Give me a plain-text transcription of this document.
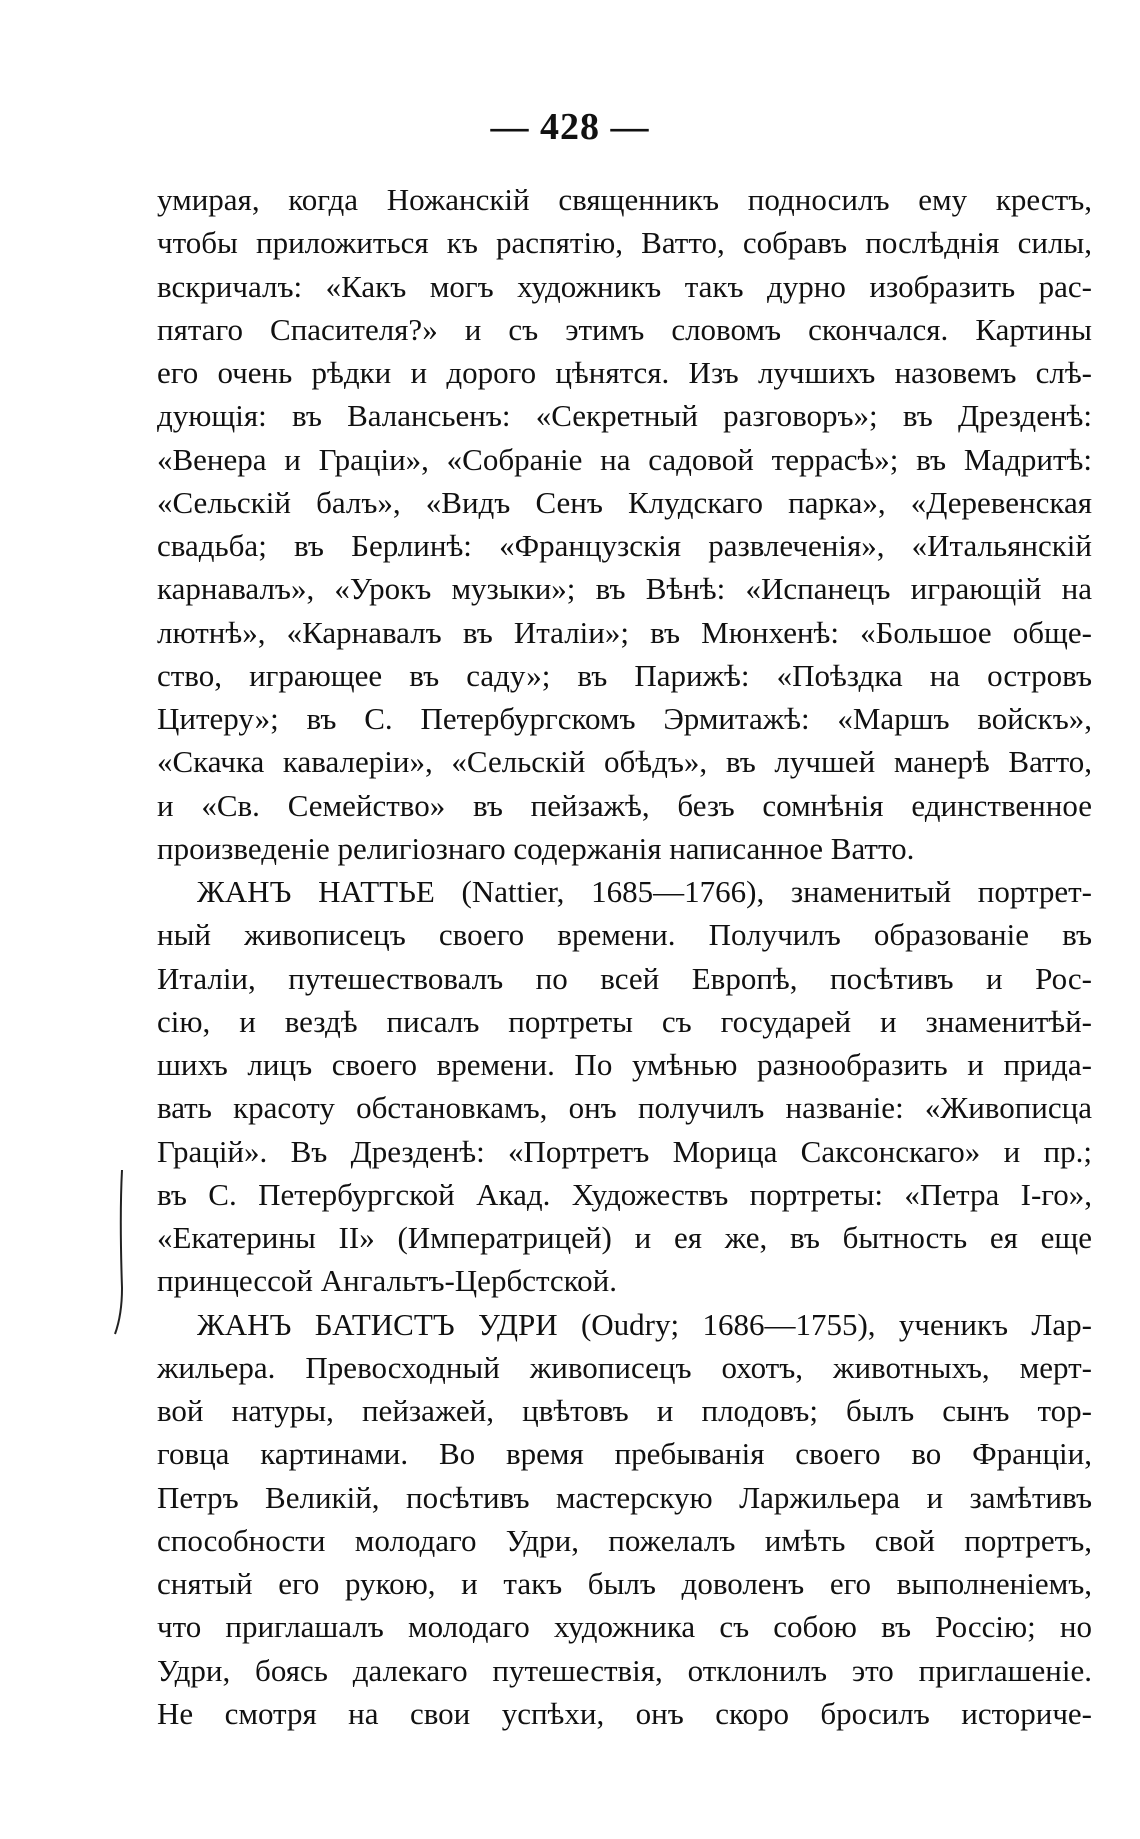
— 428 —
умирая, когда Ножанскій священникъ подносилъ ему крестъ,
чтобы приложиться къ распятію, Ватто, собравъ послѣднія силы,
вскричалъ: «Какъ могъ художникъ такъ дурно изобразить рас-
пятаго Спасителя?» и съ этимъ словомъ скончался. Картины
его очень рѣдки и дорого цѣнятся. Изъ лучшихъ назовемъ слѣ-
дующія: въ Валансьенъ: «Секретный разговоръ»; въ Дрезденѣ:
«Венера и Граціи», «Собраніе на садовой террасѣ»; въ Мадритѣ:
«Сельскій балъ», «Видъ Сенъ Клудскаго парка», «Деревенская
свадьба; въ Берлинѣ: «Французскія развлеченія», «Итальянскій
карнавалъ», «Урокъ музыки»; въ Вѣнѣ: «Испанецъ играющій на
лютнѣ», «Карнавалъ въ Италіи»; въ Мюнхенѣ: «Большое обще-
ство, играющее въ саду»; въ Парижѣ: «Поѣздка на островъ
Цитеру»; въ С. Петербургскомъ Эрмитажѣ: «Маршъ войскъ»,
«Скачка кавалеріи», «Сельскій обѣдъ», въ лучшей манерѣ Ватто,
и «Св. Семейство» въ пейзажѣ, безъ сомнѣнія единственное
произведеніе религіознаго содержанія написанное Ватто.
ЖАНЪ НАТТЬЕ (Nattier, 1685—1766), знаменитый портрет-
ный живописецъ своего времени. Получилъ образованіе въ
Италіи, путешествовалъ по всей Европѣ, посѣтивъ и Рос-
сію, и вездѣ писалъ портреты съ государей и знаменитѣй-
шихъ лицъ своего времени. По умѣнью разнообразить и прида-
вать красоту обстановкамъ, онъ получилъ названіе: «Живописца
Грацій». Въ Дрезденѣ: «Портретъ Морица Саксонскаго» и пр.;
въ С. Петербургской Акад. Художествъ портреты: «Петра I-го»,
«Екатерины II» (Императрицей) и ея же, въ бытность ея еще
принцессой Ангальтъ-Цербстской.
ЖАНЪ БАТИСТЪ УДРИ (Oudry; 1686—1755), ученикъ Лар-
жильера. Превосходный живописецъ охотъ, животныхъ, мерт-
вой натуры, пейзажей, цвѣтовъ и плодовъ; былъ сынъ тор-
говца картинами. Во время пребыванія своего во Франціи,
Петръ Великій, посѣтивъ мастерскую Ларжильера и замѣтивъ
способности молодаго Удри, пожелалъ имѣть свой портретъ,
снятый его рукою, и такъ былъ доволенъ его выполненіемъ,
что приглашалъ молодаго художника съ собою въ Россію; но
Удри, боясь далекаго путешествія, отклонилъ это приглашеніе.
Не смотря на свои успѣхи, онъ скоро бросилъ историче-
